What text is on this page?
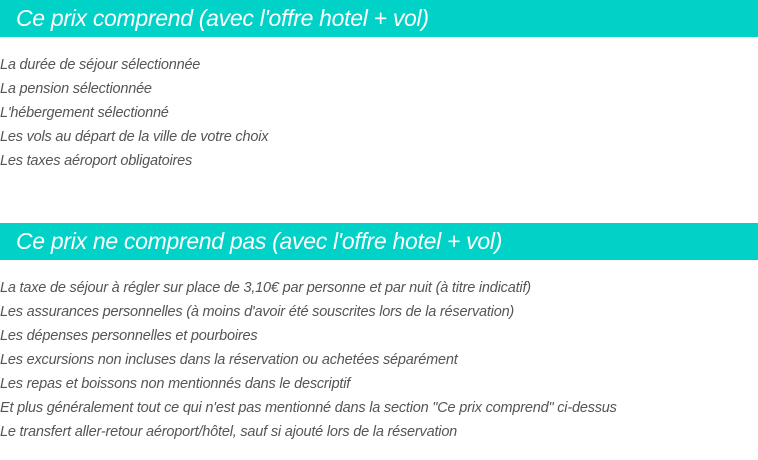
Ce prix comprend (avec l'offre hotel + vol)
La durée de séjour sélectionnée
La pension sélectionnée
L'hébergement sélectionné
Les vols au départ de la ville de votre choix
Les taxes aéroport obligatoires
Ce prix ne comprend pas (avec l'offre hotel + vol)
La taxe de séjour à régler sur place de 3,10€ par personne et par nuit (à titre indicatif)
Les assurances personnelles (à moins d'avoir été souscrites lors de la réservation)
Les dépenses personnelles et pourboires
Les excursions non incluses dans la réservation ou achetées séparément
Les repas et boissons non mentionnés dans le descriptif
Et plus généralement tout ce qui n'est pas mentionné dans la section "Ce prix comprend" ci-dessus
Le transfert aller-retour aéroport/hôtel, sauf si ajouté lors de la réservation
